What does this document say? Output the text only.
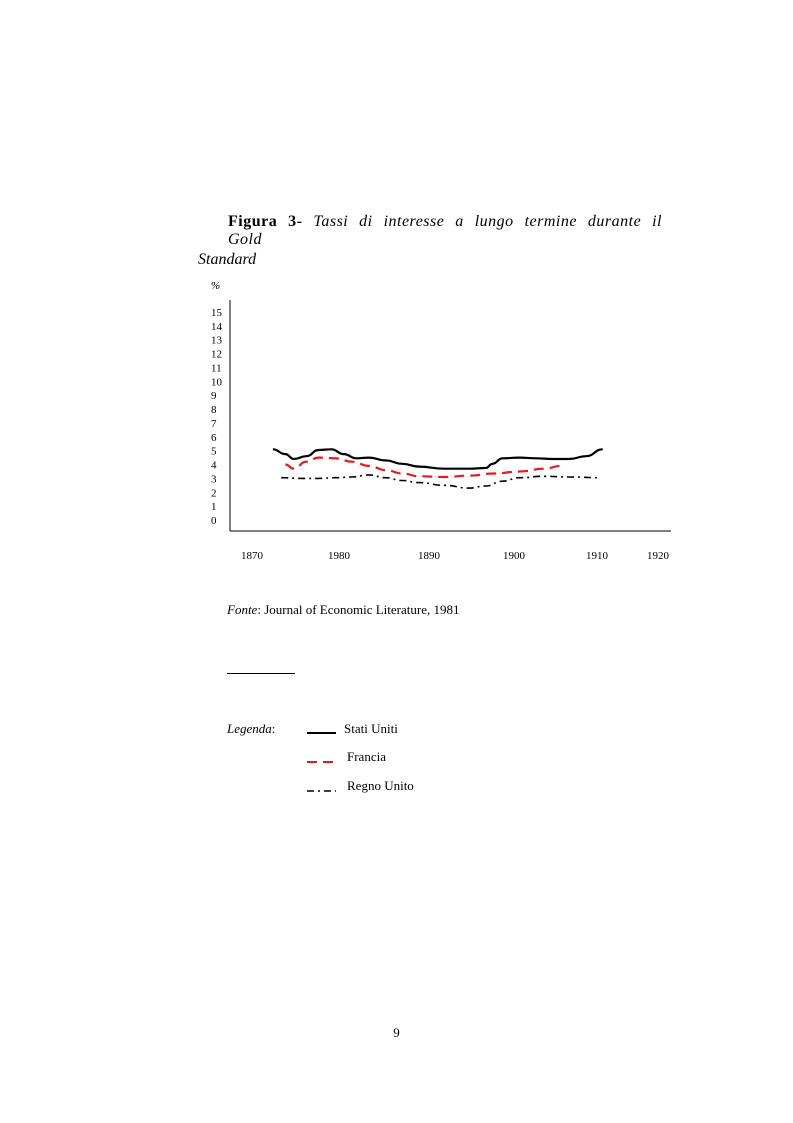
Figura 3- Tassi di interesse a lungo termine durante il Gold
Standard
%
0
1
2
3
4
5
6
7
8
9
10
11
12
13
14
15
1870	1980	1890	1900	1910	1920
Fonte: Journal of Economic Literature, 1981
Legenda:	Stati Uniti
Francia
Regno Unito
9
